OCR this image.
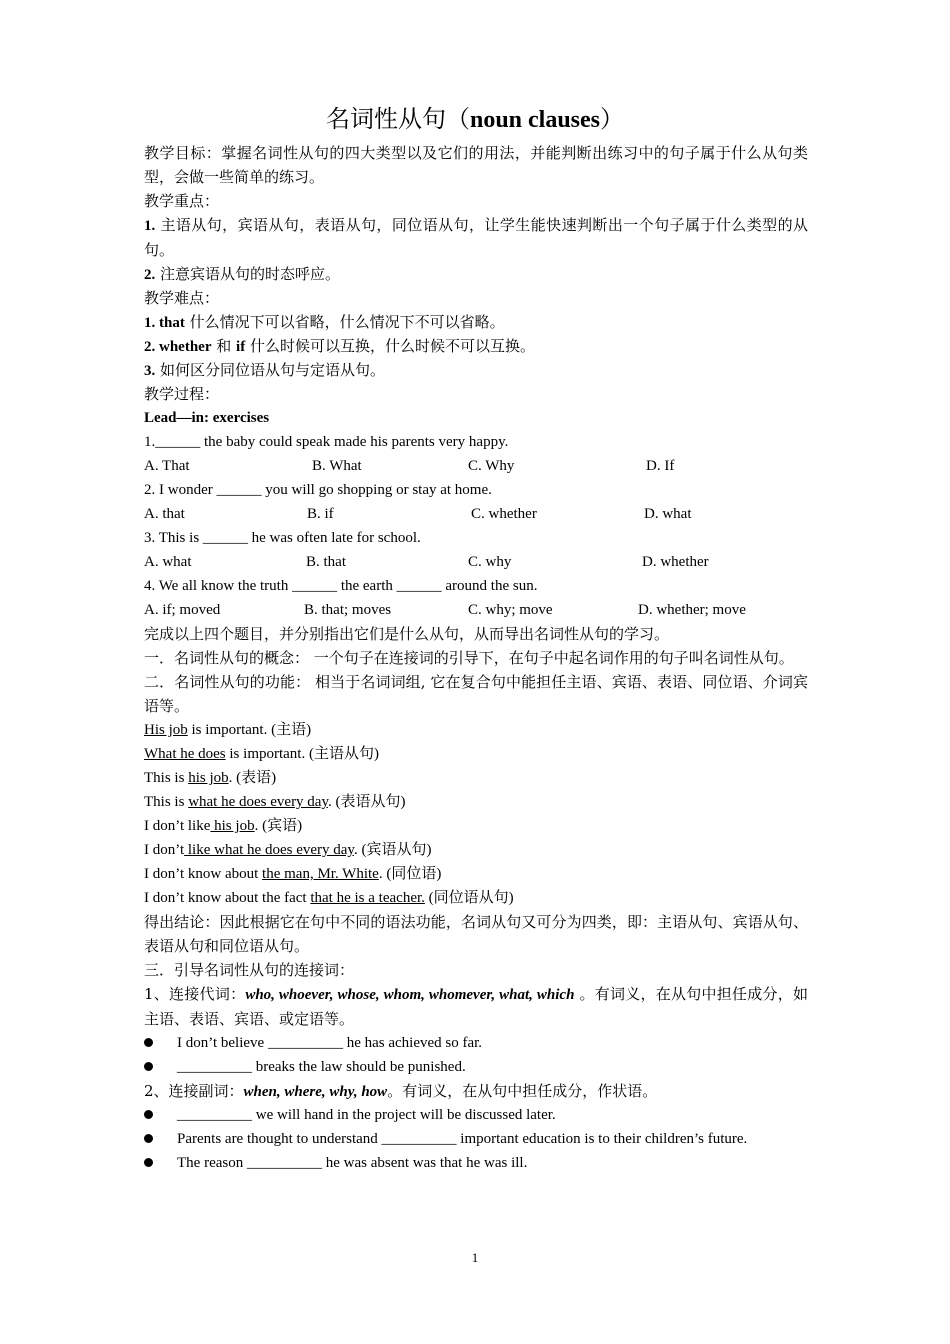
名词性从句（noun clauses）
教学目标：掌握名词性从句的四大类型以及它们的用法，并能判断出练习中的句子属于什么从句类型，会做一些简单的练习。
教学重点：
1. 主语从句，宾语从句，表语从句，同位语从句，让学生能快速判断出一个句子属于什么类型的从句。
2. 注意宾语从句的时态呼应。
教学难点：
1. that 什么情况下可以省略，什么情况下不可以省略。
2. whether 和 if 什么时候可以互换，什么时候不可以互换。
3. 如何区分同位语从句与定语从句。
教学过程：
Lead—in: exercises
1.______ the baby could speak made his parents very happy.
A. That	B. What	C. Why	D. If
2. I wonder ______ you will go shopping or stay at home.
A. that	B. if	C. whether	D. what
3. This is ______ he was often late for school.
A. what	B. that	C. why	D. whether
4. We all know the truth ______ the earth ______ around the sun.
A. if; moved	B. that; moves	C. why; move	D. whether; move
完成以上四个题目，并分别指出它们是什么从句，从而导出名词性从句的学习。
一．名词性从句的概念： 一个句子在连接词的引导下，在句子中起名词作用的句子叫名词性从句。
二．名词性从句的功能： 相当于名词词组, 它在复合句中能担任主语、宾语、表语、同位语、介词宾语等。
His job is important. (主语)
What he does is important. (主语从句)
This is his job. (表语)
This is what he does every day. (表语从句)
I don’t like his job. (宾语)
I don’t like what he does every day. (宾语从句)
I don’t know about the man, Mr. White. (同位语)
I don’t know about the fact that he is a teacher. (同位语从句)
得出结论：因此根据它在句中不同的语法功能，名词从句又可分为四类，即：主语从句、宾语从句、表语从句和同位语从句。
三．引导名词性从句的连接词：
1、连接代词：who, whoever, whose, whom, whomever, what, which 。有词义，在从句中担任成分，如主语、表语、宾语、或定语等。
I don’t believe __________ he has achieved so far.
__________ breaks the law should be punished.
2、连接副词：when, where, why, how。有词义，在从句中担任成分，作状语。
__________ we will hand in the project will be discussed later.
Parents are thought to understand __________ important education is to their children’s future.
The reason __________ he was absent was that he was ill.
1
